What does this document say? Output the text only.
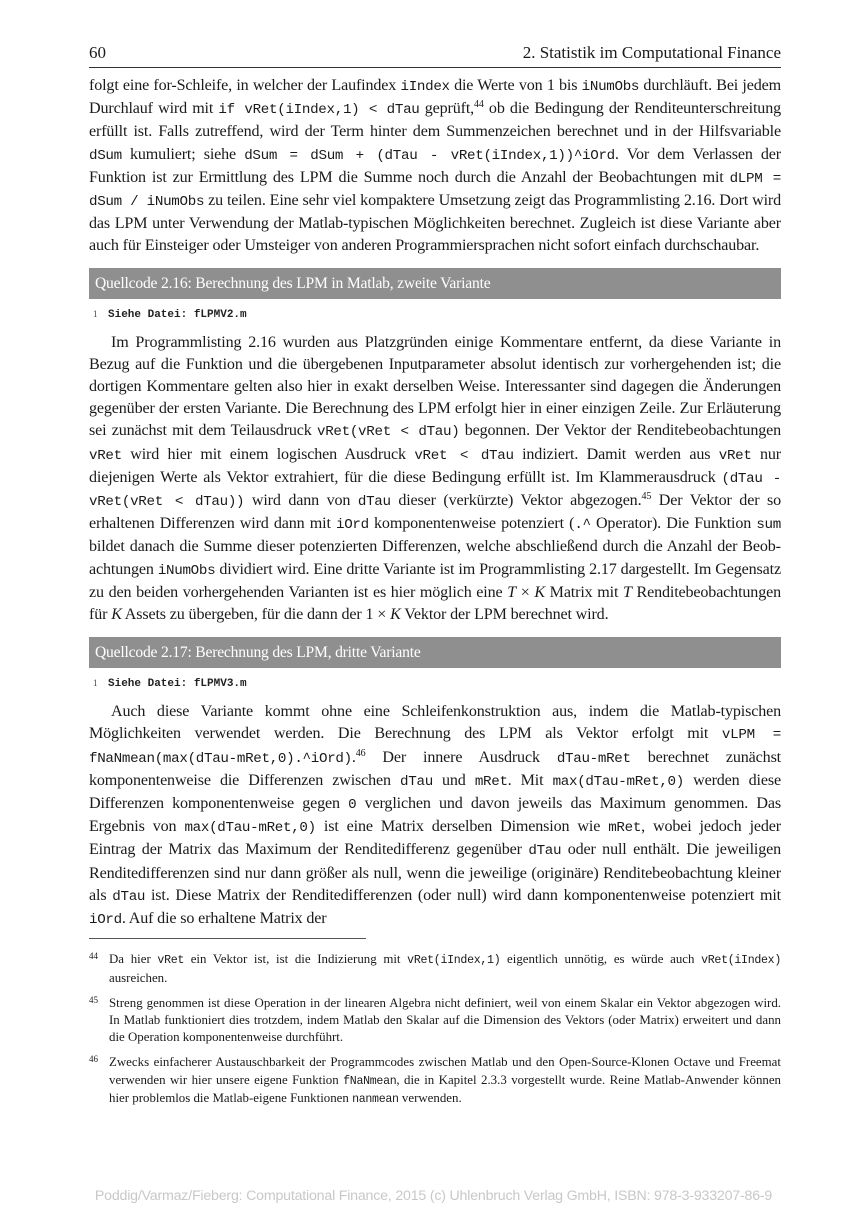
60	2. Statistik im Computational Finance

folgt eine for-Schleife, in welcher der Laufindex iIndex die Werte von 1 bis iNumObs durchläuft. Bei jedem Durchlauf wird mit if vRet(iIndex,1) < dTau geprüft,$^{44}$ ob die Bedingung der Renditeunterschreitung erfüllt ist. Falls zutreffend, wird der Term hinter dem Summenzeichen berechnet und in der Hilfsvariable dSum kumuliert; siehe dSum = dSum + (dTau - vRet(iIndex,1))^iOrd. Vor dem Verlassen der Funktion ist zur Ermittlung des LPM die Summe noch durch die Anzahl der Beobachtungen mit dLPM = dSum / iNumObs zu teilen. Eine sehr viel kompaktere Umsetzung zeigt das Programmlisting 2.16. Dort wird das LPM unter Verwendung der Matlab-typischen Möglichkeiten berechnet. Zugleich ist diese Variante aber auch für Einsteiger oder Umsteiger von anderen Programmiersprachen nicht sofort einfach durchschaubar.

Quellcode 2.16: Berechnung des LPM in Matlab, zweite Variante
1 Siehe Datei: fLPMV2.m

Im Programmlisting 2.16 wurden aus Platzgründen einige Kommentare entfernt, da diese Variante in Bezug auf die Funktion und die übergebenen Inputparameter absolut identisch zur vorhergehenden ist; die dortigen Kommentare gelten also hier in exakt derselben Weise. Interessanter sind dagegen die Änderungen gegenüber der ersten Variante. Die Berechnung des LPM erfolgt hier in einer einzigen Zeile. Zur Erläuterung sei zunächst mit dem Teilausdruck vRet(vRet < dTau) begonnen. Der Vektor der Renditebeobachtungen vRet wird hier mit einem logischen Ausdruck vRet < dTau indiziert. Damit werden aus vRet nur diejenigen Werte als Vektor extrahiert, für die diese Bedingung erfüllt ist. Im Klammerausdruck (dTau - vRet(vRet < dTau)) wird dann von dTau dieser (verkürzte) Vektor abgezogen.$^{45}$ Der Vektor der so erhaltenen Differenzen wird dann mit iOrd komponentenweise potenziert (.^ Operator). Die Funktion sum bildet danach die Summe dieser potenzierten Differenzen, welche abschließend durch die Anzahl der Beobachtungen iNumObs dividiert wird. Eine dritte Variante ist im Programmlisting 2.17 dargestellt. Im Gegensatz zu den beiden vorhergehenden Varianten ist es hier möglich eine T × K Matrix mit T Renditebeobachtungen für K Assets zu übergeben, für die dann der 1 × K Vektor der LPM berechnet wird.

Quellcode 2.17: Berechnung des LPM, dritte Variante
1 Siehe Datei: fLPMV3.m

Auch diese Variante kommt ohne eine Schleifenkonstruktion aus, indem die Matlab-typischen Möglichkeiten verwendet werden. Die Berechnung des LPM als Vektor erfolgt mit vLPM = fNaNmean(max(dTau-mRet,0).^iOrd).$^{46}$ Der innere Ausdruck dTau-mRet berechnet zunächst komponentenweise die Differenzen zwischen dTau und mRet. Mit max(dTau-mRet,0) werden diese Differenzen komponentenweise gegen 0 verglichen und davon jeweils das Maximum genommen. Das Ergebnis von max(dTau-mRet,0) ist eine Matrix derselben Dimension wie mRet, wobei jedoch jeder Eintrag der Matrix das Maximum der Renditedifferenz gegenüber dTau oder null enthält. Die jeweiligen Renditedifferenzen sind nur dann größer als null, wenn die jeweilige (originäre) Renditebeobachtung kleiner als dTau ist. Diese Matrix der Renditedifferenzen (oder null) wird dann komponentenweise potenziert mit iOrd. Auf die so erhaltene Matrix der

44 Da hier vRet ein Vektor ist, ist die Indizierung mit vRet(iIndex,1) eigentlich unnötig, es würde auch vRet(iIndex) ausreichen.

45 Streng genommen ist diese Operation in der linearen Algebra nicht definiert, weil von einem Skalar ein Vektor abgezogen wird. In Matlab funktioniert dies trotzdem, indem Matlab den Skalar auf die Dimension des Vektors (oder Matrix) erweitert und dann die Operation komponentenweise durchführt.

46 Zwecks einfacherer Austauschbarkeit der Programmcodes zwischen Matlab und den Open-Source-Klonen Octave und Freemat verwenden wir hier unsere eigene Funktion fNaNmean, die in Kapitel 2.3.3 vorgestellt wurde. Reine Matlab-Anwender können hier problemlos die Matlab-eigene Funktionen nanmean verwenden.

Poddig/Varmaz/Fieberg: Computational Finance, 2015 (c) Uhlenbruch Verlag GmbH, ISBN: 978-3-933207-86-9
